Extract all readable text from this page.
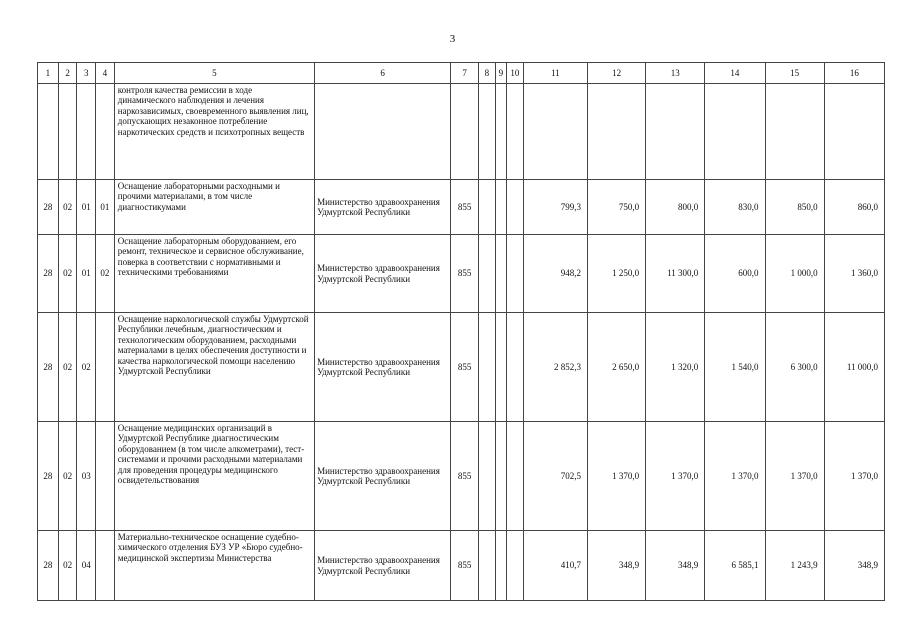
3
1	2	3	4	5	6	7	8	9	10	11	12	13	14	15	16
				контроля качества ремиссии в ходе динамического наблюдения и лечения наркозависимых, своевременного выявления лиц, допускающих незаконное потребление наркотических средств и психотропных веществ											
28	02	01	01	Оснащение лабораторными расходными и прочими материалами, в том числе диагностикумами	Министерство здравоохранения Удмуртской Республики	855				799,3	750,0	800,0	830,0	850,0	860,0
28	02	01	02	Оснащение лабораторным оборудованием, его ремонт, техническое и сервисное обслуживание, поверка в соответствии с нормативными и техническими требованиями	Министерство здравоохранения Удмуртской Республики	855				948,2	1 250,0	11 300,0	600,0	1 000,0	1 360,0
28	02	02		Оснащение наркологической службы Удмуртской Республики лечебным, диагностическим и технологическим оборудованием, расходными материалами в целях обеспечения доступности и качества наркологической помощи населению Удмуртской Республики	Министерство здравоохранения Удмуртской Республики	855				2 852,3	2 650,0	1 320,0	1 540,0	6 300,0	11 000,0
28	02	03		Оснащение медицинских организаций в Удмуртской Республике диагностическим оборудованием (в том числе алкометрами), тест-системами и прочими расходными материалами для проведения процедуры медицинского освидетельствования	Министерство здравоохранения Удмуртской Республики	855				702,5	1 370,0	1 370,0	1 370,0	1 370,0	1 370,0
28	02	04		Материально-техническое оснащение судебно- химического отделения БУЗ УР «Бюро судебно-медицинской экспертизы Министерства	Министерство здравоохранения Удмуртской Республики	855				410,7	348,9	348,9	6 585,1	1 243,9	348,9
